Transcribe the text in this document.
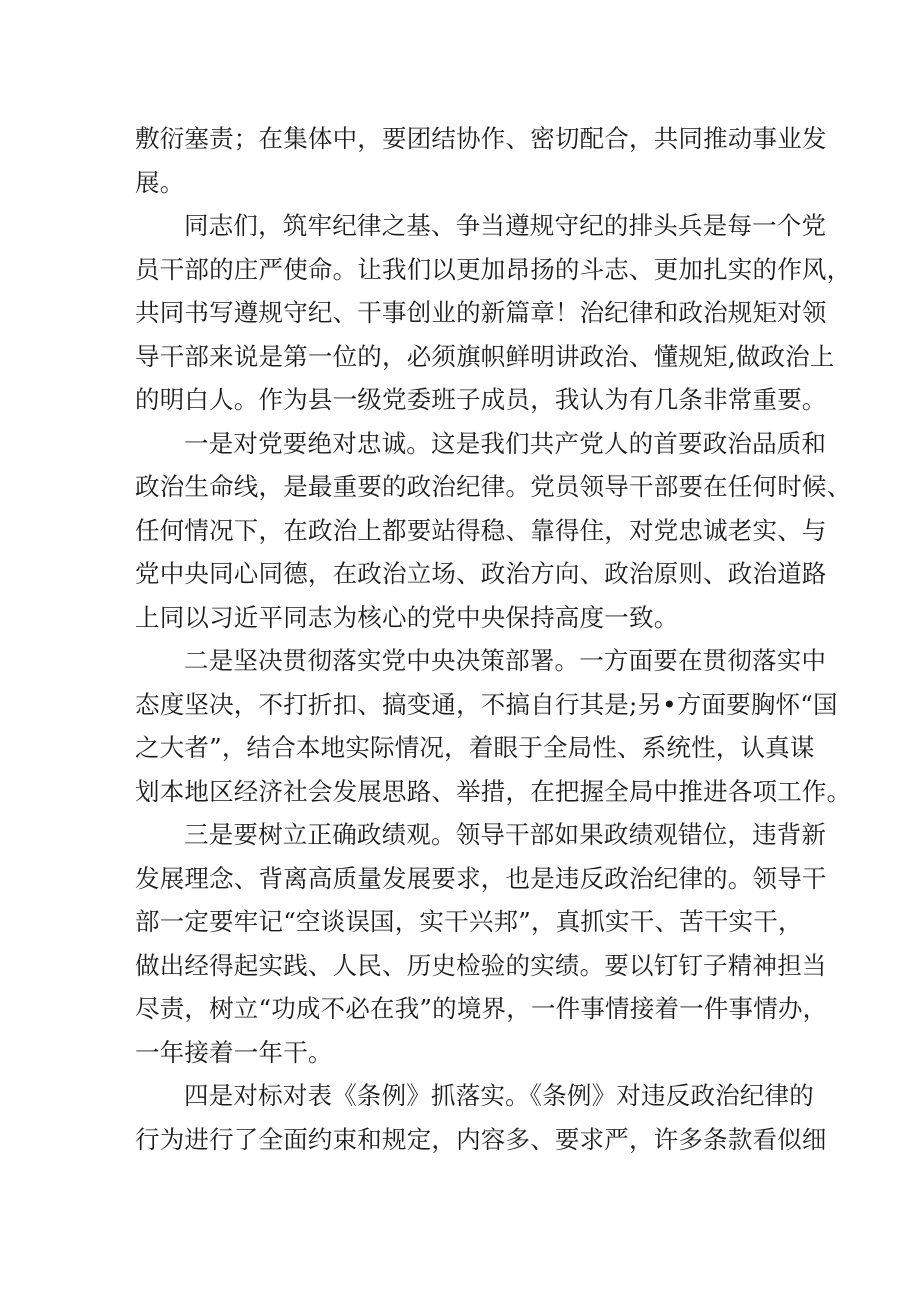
敷衍塞责；在集体中，要团结协作、密切配合，共同推动事业发
展。

同志们，筑牢纪律之基、争当遵规守纪的排头兵是每一个党
员干部的庄严使命。让我们以更加昂扬的斗志、更加扎实的作风，
共同书写遵规守纪、干事创业的新篇章！治纪律和政治规矩对领
导干部来说是第一位的，必须旗帜鲜明讲政治、懂规矩,做政治上
的明白人。作为县一级党委班子成员，我认为有几条非常重要。

一是对党要绝对忠诚。这是我们共产党人的首要政治品质和
政治生命线，是最重要的政治纪律。党员领导干部要在任何时候、
任何情况下，在政治上都要站得稳、靠得住，对党忠诚老实、与
党中央同心同德，在政治立场、政治方向、政治原则、政治道路
上同以习近平同志为核心的党中央保持高度一致。

二是坚决贯彻落实党中央决策部署。一方面要在贯彻落实中
态度坚决，不打折扣、搞变通，不搞自行其是;另•方面要胸怀“国
之大者”，结合本地实际情况，着眼于全局性、系统性，认真谋
划本地区经济社会发展思路、举措，在把握全局中推进各项工作。

三是要树立正确政绩观。领导干部如果政绩观错位，违背新
发展理念、背离高质量发展要求，也是违反政治纪律的。领导干
部一定要牢记“空谈误国，实干兴邦”，真抓实干、苦干实干，
做出经得起实践、人民、历史检验的实绩。要以钉钉子精神担当
尽责，树立“功成不必在我”的境界，一件事情接着一件事情办，
一年接着一年干。

四是对标对表《条例》抓落实。《条例》对违反政治纪律的
行为进行了全面约束和规定，内容多、要求严，许多条款看似细
